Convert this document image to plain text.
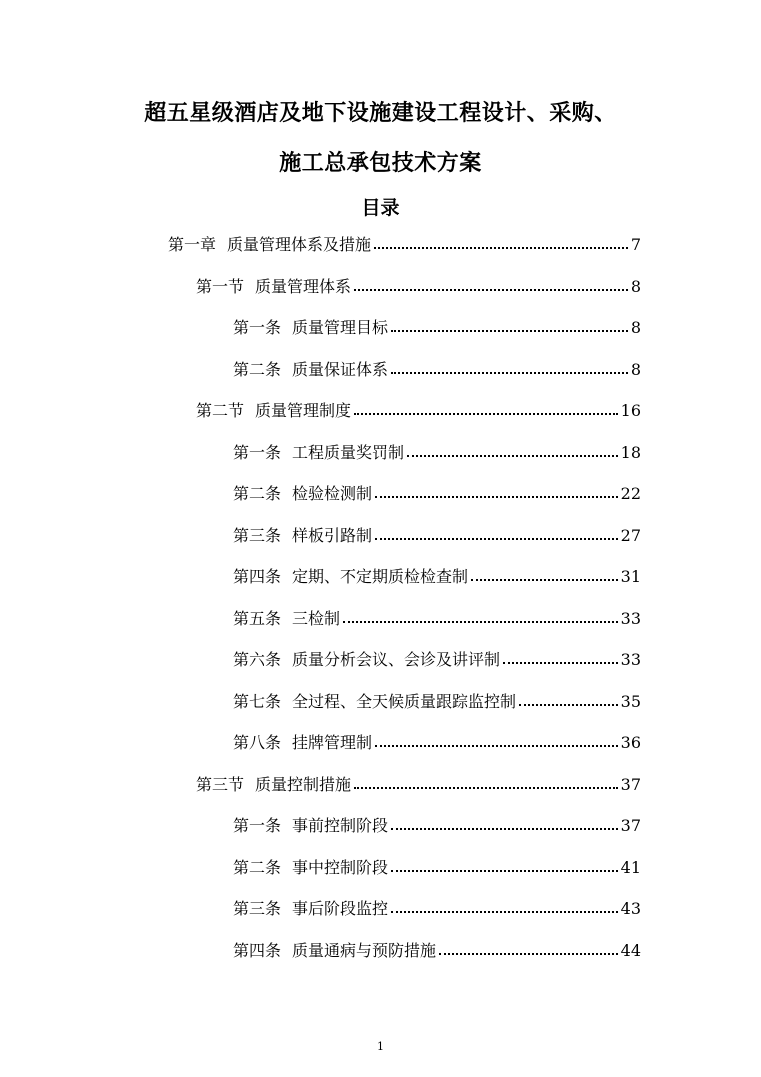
超五星级酒店及地下设施建设工程设计、采购、
施工总承包技术方案
目录
第一章 质量管理体系及措施	7
第一节 质量管理体系	8
第一条 质量管理目标	8
第二条 质量保证体系	8
第二节 质量管理制度	16
第一条 工程质量奖罚制	18
第二条 检验检测制	22
第三条 样板引路制	27
第四条 定期、不定期质检检查制	31
第五条 三检制	33
第六条 质量分析会议、会诊及讲评制	33
第七条 全过程、全天候质量跟踪监控制	35
第八条 挂牌管理制	36
第三节 质量控制措施	37
第一条 事前控制阶段	37
第二条 事中控制阶段	41
第三条 事后阶段监控	43
第四条 质量通病与预防措施	44
1
